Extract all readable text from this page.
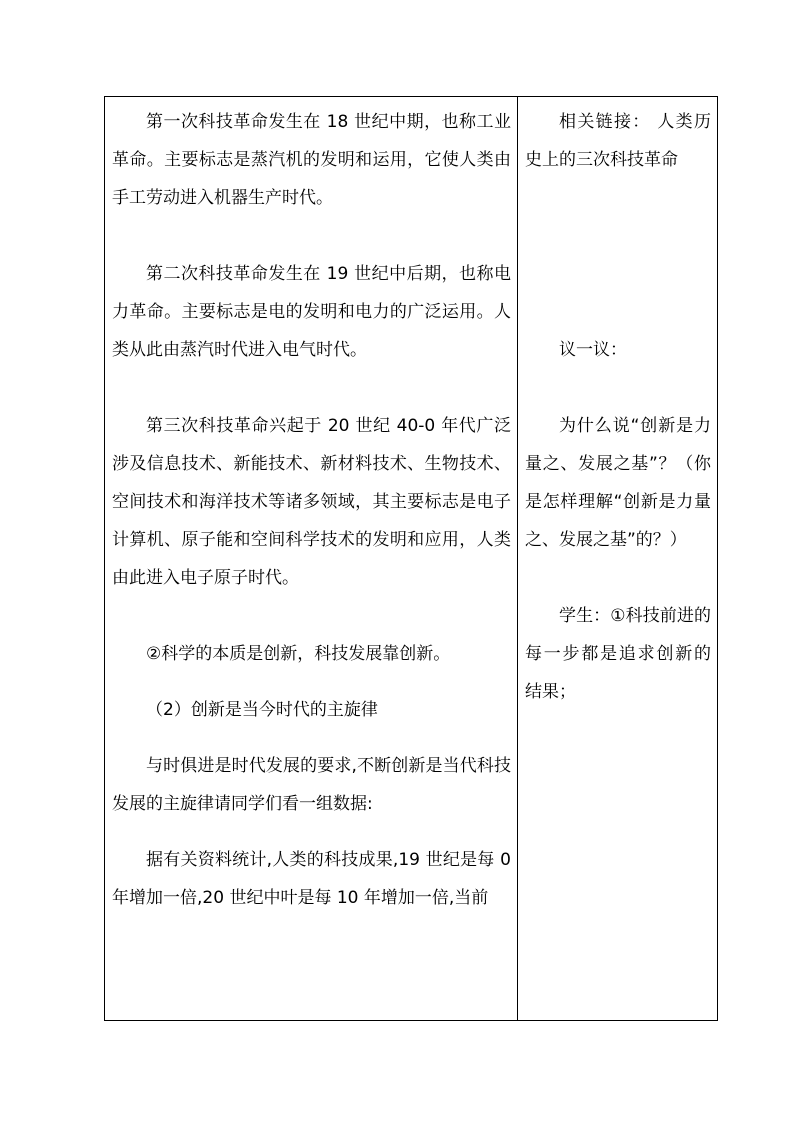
第一次科技革命发生在 18 世纪中期，也称工业革命。主要标志是蒸汽机的发明和运用，它使人类由手工劳动进入机器生产时代。

第二次科技革命发生在 19 世纪中后期，也称电力革命。主要标志是电的发明和电力的广泛运用。人类从此由蒸汽时代进入电气时代。

第三次科技革命兴起于 20 世纪 40-0 年代广泛涉及信息技术、新能技术、新材料技术、生物技术、空间技术和海洋技术等诸多领域，其主要标志是电子计算机、原子能和空间科学技术的发明和应用，人类由此进入电子原子时代。

②科学的本质是创新，科技发展靠创新。

（2）创新是当今时代的主旋律

与时俱进是时代发展的要求,不断创新是当代科技发展的主旋律请同学们看一组数据:

据有关资料统计,人类的科技成果,19 世纪是每 0 年增加一倍,20 世纪中叶是每 10 年增加一倍,当前

相关链接： 人类历史上的三次科技革命

议一议：

为什么说“创新是力量之、发展之基”？（你是怎样理解“创新是力量之、发展之基”的？）

学生：①科技前进的每一步都是追求创新的结果；
